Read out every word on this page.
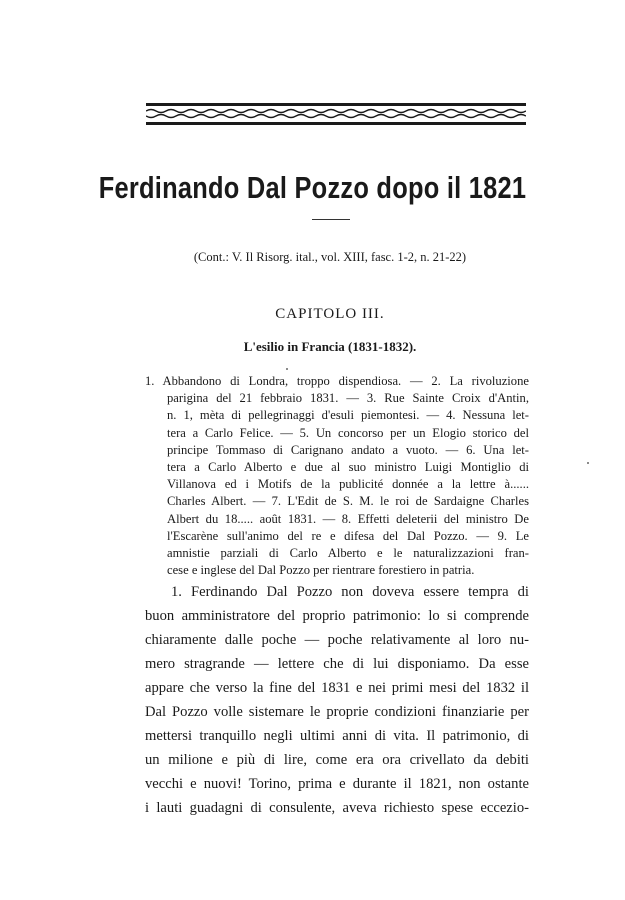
Ferdinando Dal Pozzo dopo il 1821
(Cont.: V. Il Risorg. ital., vol. XIII, fasc. 1-2, n. 21-22)
CAPITOLO III.
L'esilio in Francia (1831-1832).
1. Abbandono di Londra, troppo dispendiosa. — 2. La rivoluzione
parigina del 21 febbraio 1831. — 3. Rue Sainte Croix d'Antin,
n. 1, mèta di pellegrinaggi d'esuli piemontesi. — 4. Nessuna let-
tera a Carlo Felice. — 5. Un concorso per un Elogio storico del
principe Tommaso di Carignano andato a vuoto. — 6. Una let-
tera a Carlo Alberto e due al suo ministro Luigi Montiglio di
Villanova ed i Motifs de la publicité donnée a la lettre à......
Charles Albert. — 7. L'Edit de S. M. le roi de Sardaigne Charles
Albert du 18..... août 1831. — 8. Effetti deleterii del ministro De
l'Escarène sull'animo del re e difesa del Dal Pozzo. — 9. Le
amnistie parziali di Carlo Alberto e le naturalizzazioni fran-
cese e inglese del Dal Pozzo per rientrare forestiero in patria.
1. Ferdinando Dal Pozzo non doveva essere tempra di
buon amministratore del proprio patrimonio: lo si comprende
chiaramente dalle poche — poche relativamente al loro nu-
mero stragrande — lettere che di lui disponiamo. Da esse
appare che verso la fine del 1831 e nei primi mesi del 1832 il
Dal Pozzo volle sistemare le proprie condizioni finanziarie per
mettersi tranquillo negli ultimi anni di vita. Il patrimonio, di
un milione e più di lire, come era ora crivellato da debiti
vecchi e nuovi! Torino, prima e durante il 1821, non ostante
i lauti guadagni di consulente, aveva richiesto spese eccezio-
